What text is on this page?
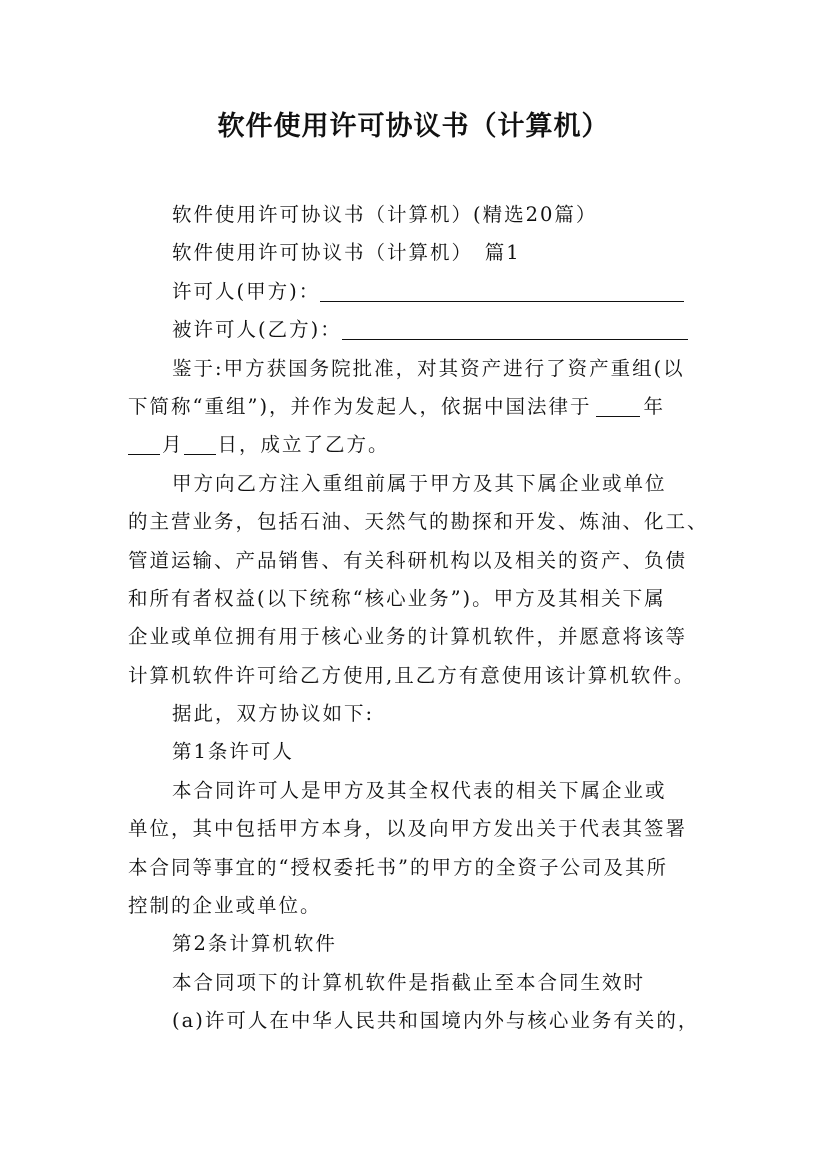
软件使用许可协议书（计算机）
软件使用许可协议书（计算机）(精选20篇）
软件使用许可协议书（计算机）　篇1
许可人(甲方)：
被许可人(乙方)：
鉴于:甲方获国务院批准，对其资产进行了资产重组(以
下简称“重组”)，并作为发起人，依据中国法律于	年
月 日，成立了乙方。
甲方向乙方注入重组前属于甲方及其下属企业或单位
的主营业务，包括石油、天然气的勘探和开发、炼油、化工、
管道运输、产品销售、有关科研机构以及相关的资产、负债
和所有者权益(以下统称“核心业务”)。甲方及其相关下属
企业或单位拥有用于核心业务的计算机软件，并愿意将该等
计算机软件许可给乙方使用,且乙方有意使用该计算机软件。
据此，双方协议如下:
第1条许可人
本合同许可人是甲方及其全权代表的相关下属企业或
单位，其中包括甲方本身，以及向甲方发出关于代表其签署
本合同等事宜的“授权委托书”的甲方的全资子公司及其所
控制的企业或单位。
第2条计算机软件
本合同项下的计算机软件是指截止至本合同生效时
(a)许可人在中华人民共和国境内外与核心业务有关的，
